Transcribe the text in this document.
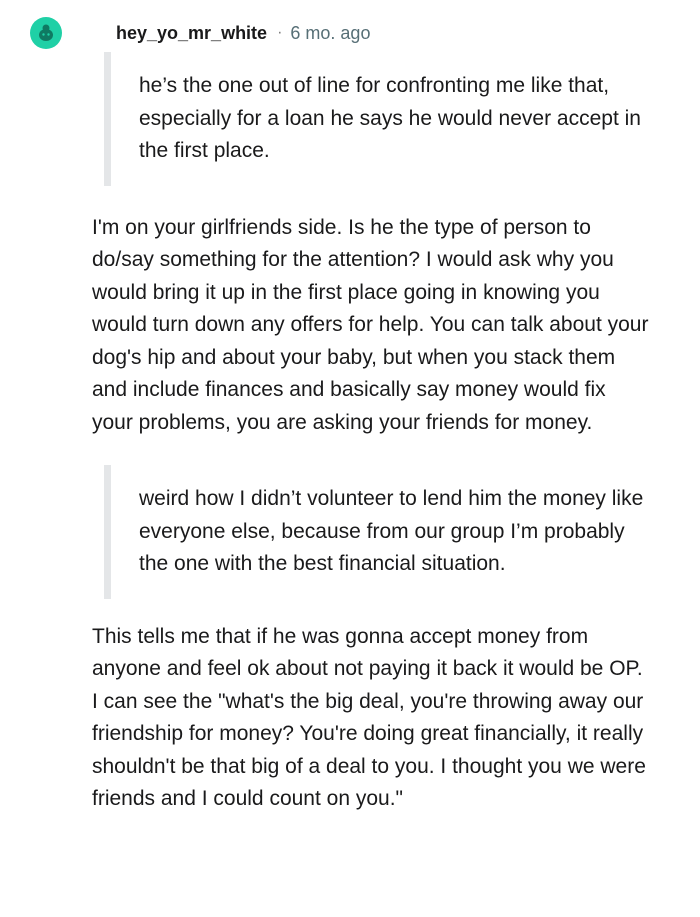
hey_yo_mr_white · 6 mo. ago

he’s the one out of line for confronting me like that, especially for a loan he says he would never accept in the first place.

I'm on your girlfriends side. Is he the type of person to do/say something for the attention? I would ask why you would bring it up in the first place going in knowing you would turn down any offers for help. You can talk about your dog's hip and about your baby, but when you stack them and include finances and basically say money would fix your problems, you are asking your friends for money.

weird how I didn’t volunteer to lend him the money like everyone else, because from our group I’m probably the one with the best financial situation.

This tells me that if he was gonna accept money from anyone and feel ok about not paying it back it would be OP. I can see the "what's the big deal, you're throwing away our friendship for money? You're doing great financially, it really shouldn't be that big of a deal to you. I thought you we were friends and I could count on you."
